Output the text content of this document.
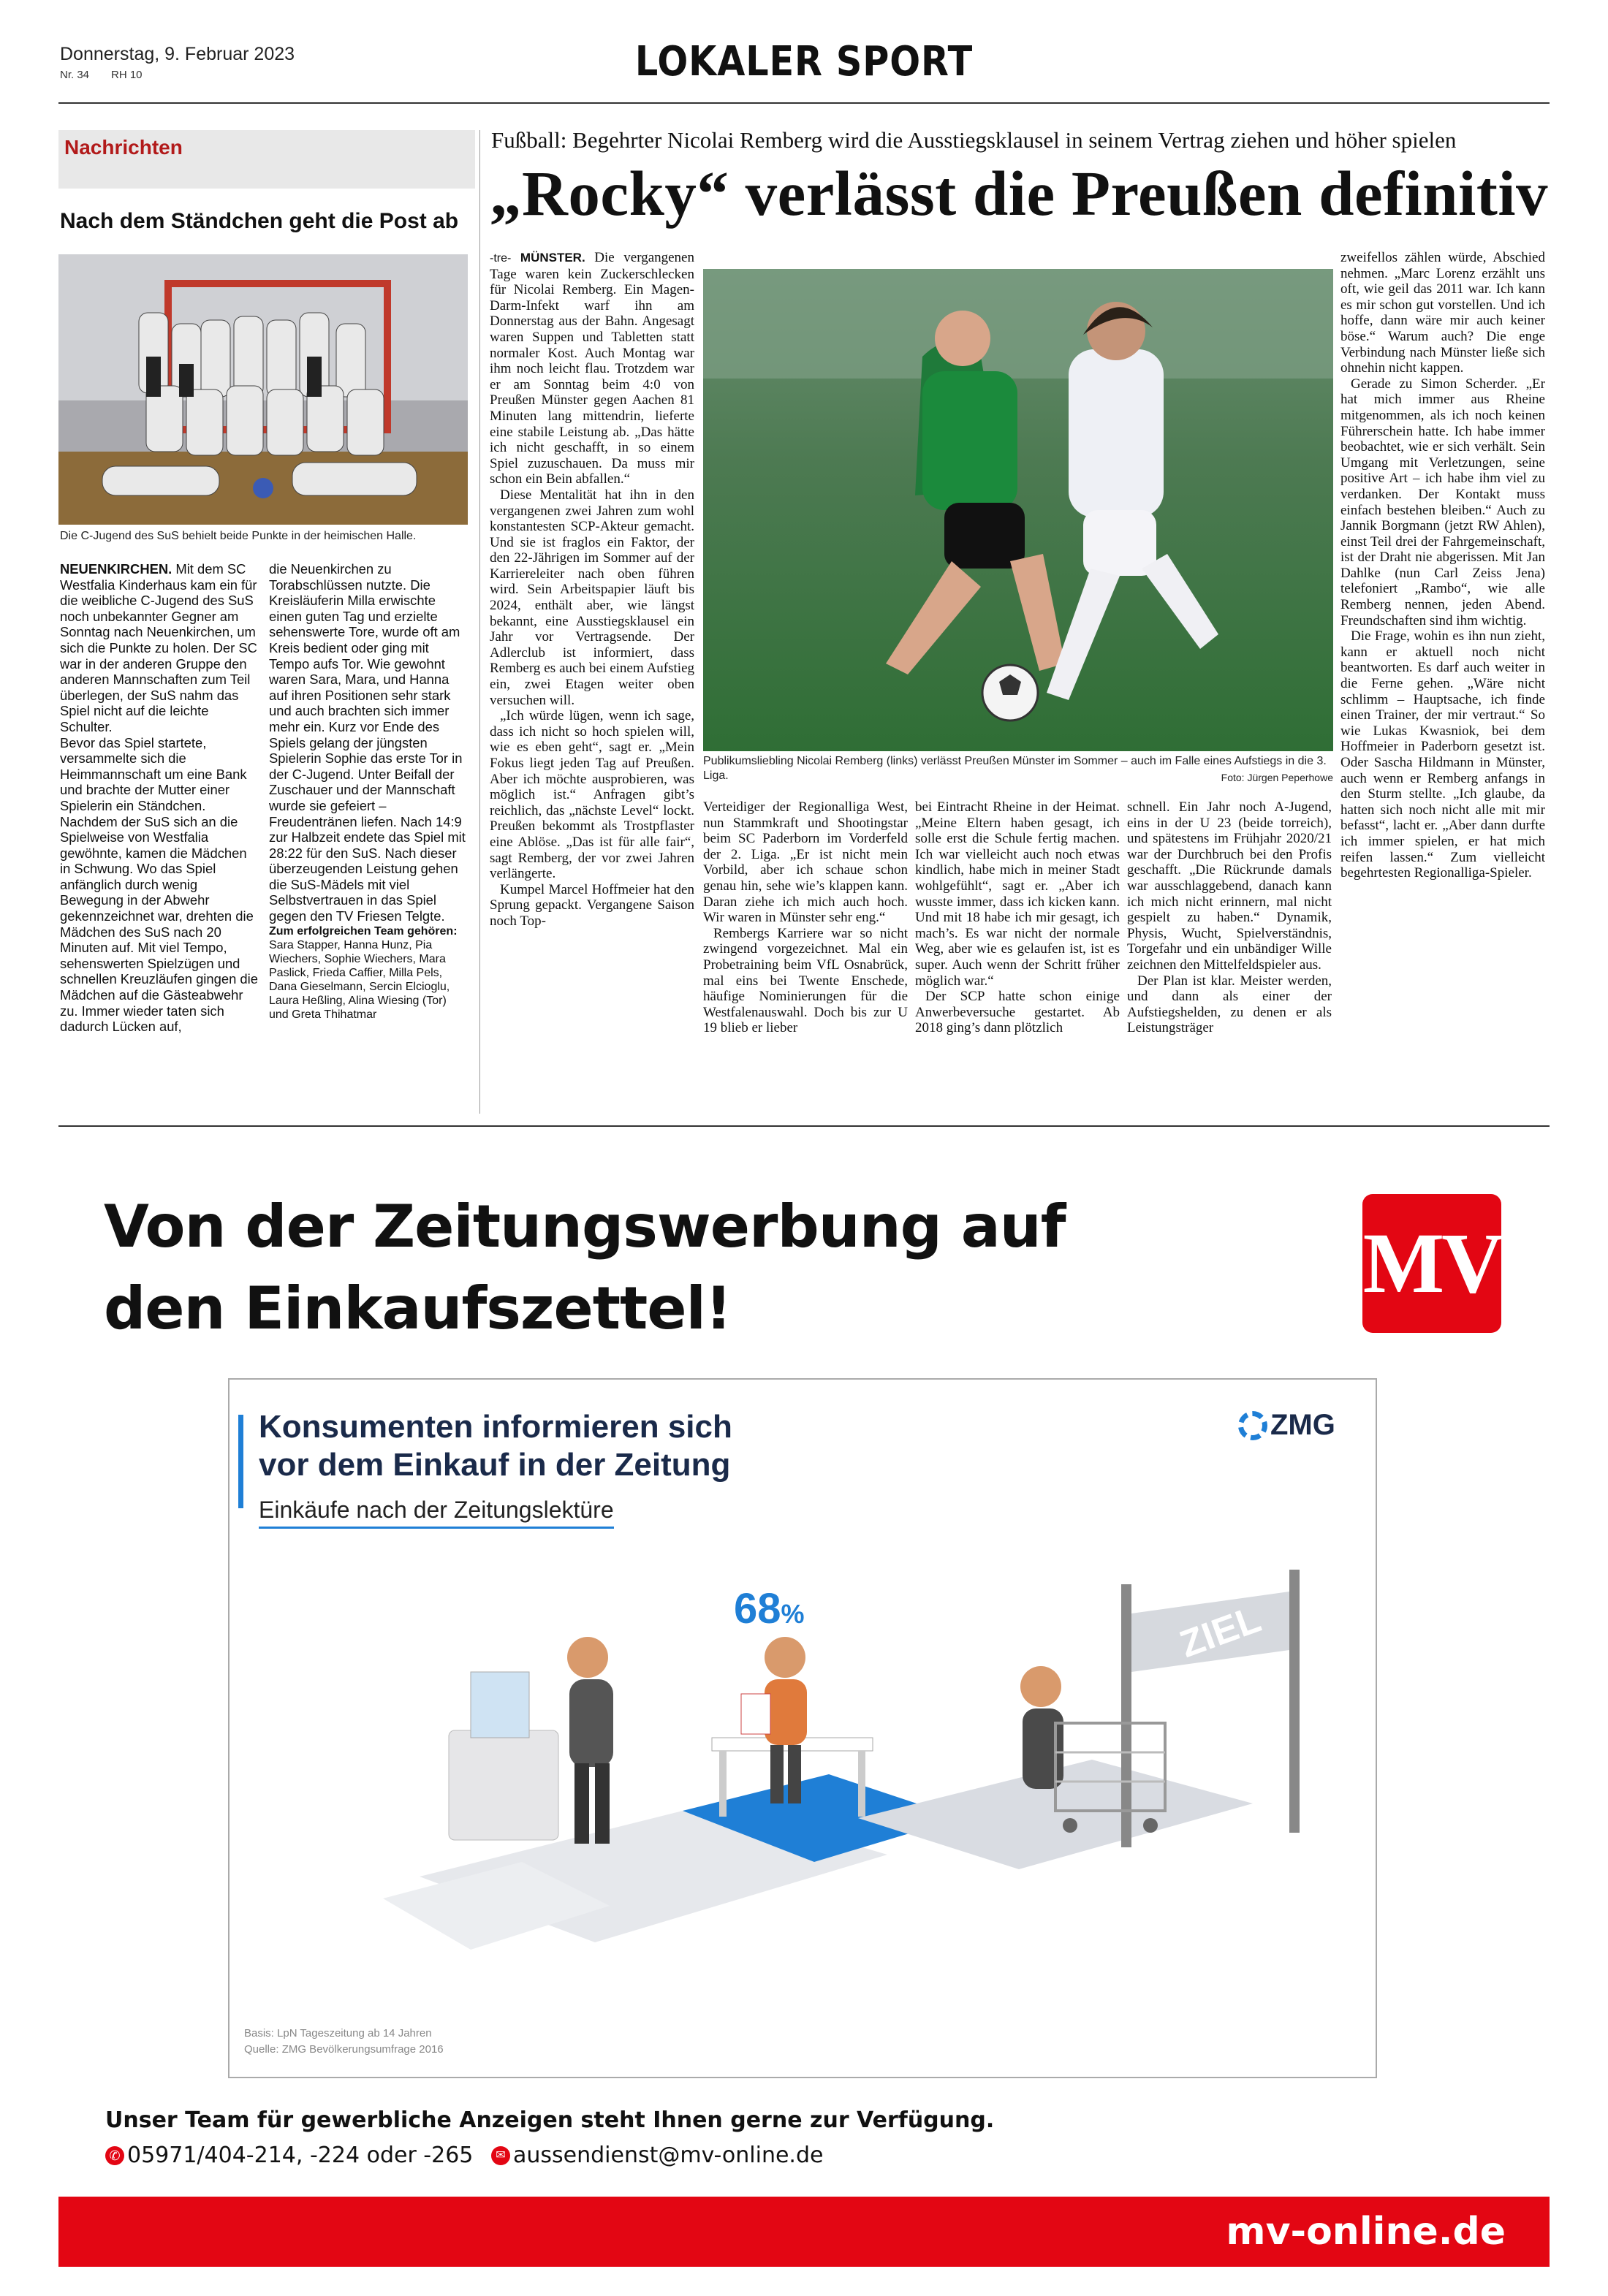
Donnerstag, 9. Februar 2023
Nr. 34 RH 10	LOKALER SPORT
Nachrichten
Nach dem Ständchen geht die Post ab
Die C-Jugend des SuS behielt beide Punkte in der heimischen Halle.

NEUENKIRCHEN. Mit dem SC Westfalia Kinderhaus kam ein für die weibliche C-Jugend des SuS noch unbekannter Gegner am Sonntag nach Neuenkirchen, um sich die Punkte zu holen. Der SC war in der anderen Gruppe den anderen Mannschaften zum Teil überlegen, der SuS nahm das Spiel nicht auf die leichte Schulter.

Bevor das Spiel startete, versammelte sich die Heimmannschaft um eine Bank und brachte der Mutter einer Spielerin ein Ständchen. Nachdem der SuS sich an die Spielweise von Westfalia gewöhnte, kamen die Mädchen in Schwung. Wo das Spiel anfänglich durch wenig Bewegung in der Abwehr gekennzeichnet war, drehten die Mädchen des SuS nach 20 Minuten auf. Mit viel Tempo, sehenswerten Spielzügen und schnellen Kreuzläufen gingen die Mädchen auf die Gästeabwehr zu. Immer wieder taten sich dadurch Lücken auf,

die Neuenkirchen zu Torabschlüssen nutzte. Die Kreisläuferin Milla erwischte einen guten Tag und erzielte sehenswerte Tore, wurde oft am Kreis bedient oder ging mit Tempo aufs Tor. Wie gewohnt waren Sara, Mara, und Hanna auf ihren Positionen sehr stark und auch brachten sich immer mehr ein. Kurz vor Ende des Spiels gelang der jüngsten Spielerin Sophie das erste Tor in der C-Jugend. Unter Beifall der Zuschauer und der Mannschaft wurde sie gefeiert – Freudentränen liefen. Nach 14:9 zur Halbzeit endete das Spiel mit 28:22 für den SuS. Nach dieser überzeugenden Leistung gehen die SuS-Mädels mit viel Selbstvertrauen in das Spiel gegen den TV Friesen Telgte.

Zum erfolgreichen Team gehören: Sara Stapper, Hanna Hunz, Pia Wiechers, Sophie Wiechers, Mara Paslick, Frieda Caffier, Milla Pels, Dana Gieselmann, Sercin Elcioglu, Laura Heßling, Alina Wiesing (Tor) und Greta Thihatmar

Fußball: Begehrter Nicolai Remberg wird die Ausstiegsklausel in seinem Vertrag ziehen und höher spielen
„Rocky“ verlässt die Preußen definitiv

-tre- MÜNSTER. Die vergangenen Tage waren kein Zuckerschlecken für Nicolai Remberg. Ein Magen-Darm-Infekt warf ihn am Donnerstag aus der Bahn. Angesagt waren Suppen und Tabletten statt normaler Kost. Auch Montag war ihm noch leicht flau. Trotzdem war er am Sonntag beim 4:0 von Preußen Münster gegen Aachen 81 Minuten lang mittendrin, lieferte eine stabile Leistung ab. „Das hätte ich nicht geschafft, in so einem Spiel zuzuschauen. Da muss mir schon ein Bein abfallen.“

Diese Mentalität hat ihn in den vergangenen zwei Jahren zum wohl konstantesten SCP-Akteur gemacht. Und sie ist fraglos ein Faktor, der den 22-Jährigen im Sommer auf der Karriereleiter nach oben führen wird. Sein Arbeitspapier läuft bis 2024, enthält aber, wie längst bekannt, eine Ausstiegsklausel ein Jahr vor Vertragsende. Der Adlerclub ist informiert, dass Remberg es auch bei einem Aufstieg ein, zwei Etagen weiter oben versuchen will.

„Ich würde lügen, wenn ich sage, dass ich nicht so hoch spielen will, wie es eben geht“, sagt er. „Mein Fokus liegt jeden Tag auf Preußen. Aber ich möchte ausprobieren, was möglich ist.“ Anfragen gibt’s reichlich, das „nächste Level“ lockt. Preußen bekommt als Trostpflaster eine Ablöse. „Das ist für alle fair“, sagt Remberg, der vor zwei Jahren verlängerte.

Kumpel Marcel Hoffmeier hat den Sprung gepackt. Vergangene Saison noch Top-

Publikumsliebling Nicolai Remberg (links) verlässt Preußen Münster im Sommer – auch im Falle eines Aufstiegs in die 3. Liga.	Foto: Jürgen Peperhowe

Verteidiger der Regionalliga West, nun Stammkraft und Shootingstar beim SC Paderborn im Vorderfeld der 2. Liga. „Er ist nicht mein Vorbild, aber ich schaue schon genau hin, sehe wie’s klappen kann. Daran ziehe ich mich auch hoch. Wir waren in Münster sehr eng.“

Rembergs Karriere war so nicht zwingend vorgezeichnet. Mal ein Probetraining beim VfL Osnabrück, mal eins bei Twente Enschede, häufige Nominierungen für die Westfalenauswahl. Doch bis zur U 19 blieb er lieber

bei Eintracht Rheine in der Heimat. „Meine Eltern haben gesagt, ich solle erst die Schule fertig machen. Ich war vielleicht auch noch etwas kindlich, habe mich in meiner Stadt wohlgefühlt“, sagt er. „Aber ich wusste immer, dass ich kicken kann. Und mit 18 habe ich mir gesagt, ich mach’s. Es war nicht der normale Weg, aber wie es gelaufen ist, ist es super. Auch wenn der Schritt früher möglich war.“

Der SCP hatte schon einige Anwerbeversuche gestartet. Ab 2018 ging’s dann plötzlich

schnell. Ein Jahr noch A-Jugend, eins in der U 23 (beide torreich), und spätestens im Frühjahr 2020/21 war der Durchbruch bei den Profis geschafft. „Die Rückrunde damals war ausschlaggebend, danach kann ich mich nicht erinnern, mal nicht gespielt zu haben.“ Dynamik, Physis, Wucht, Spielverständnis, Torgefahr und ein unbändiger Wille zeichnen den Mittelfeldspieler aus.

Der Plan ist klar. Meister werden, und dann als einer der Aufstiegshelden, zu denen er als Leistungsträger

zweifellos zählen würde, Abschied nehmen. „Marc Lorenz erzählt uns oft, wie geil das 2011 war. Ich kann es mir schon gut vorstellen. Und ich hoffe, dann wäre mir auch keiner böse.“ Warum auch? Die enge Verbindung nach Münster ließe sich ohnehin nicht kappen.

Gerade zu Simon Scherder. „Er hat mich immer aus Rheine mitgenommen, als ich noch keinen Führerschein hatte. Ich habe immer beobachtet, wie er sich verhält. Sein Umgang mit Verletzungen, seine positive Art – ich habe ihm viel zu verdanken. Der Kontakt muss einfach bestehen bleiben.“ Auch zu Jannik Borgmann (jetzt RW Ahlen), einst Teil drei der Fahrgemeinschaft, ist der Draht nie abgerissen. Mit Jan Dahlke (nun Carl Zeiss Jena) telefoniert „Rambo“, wie alle Remberg nennen, jeden Abend. Freundschaften sind ihm wichtig.

Die Frage, wohin es ihn nun zieht, kann er aktuell noch nicht beantworten. Es darf auch weiter in die Ferne gehen. „Wäre nicht schlimm – Hauptsache, ich finde einen Trainer, der mir vertraut.“ So wie Lukas Kwasniok, bei dem Hoffmeier in Paderborn gesetzt ist. Oder Sascha Hildmann in Münster, auch wenn er Remberg anfangs in den Sturm stellte. „Ich glaube, da hatten sich noch nicht alle mit mir befasst“, lacht er. „Aber dann durfte ich immer spielen, er hat mich reifen lassen.“ Zum vielleicht begehrtesten Regionalliga-Spieler.

Von der Zeitungswerbung auf
den Einkaufszettel!	MV
Konsumenten informieren sich
vor dem Einkauf in der Zeitung
Einkäufe nach der Zeitungslektüre
ZMG
ZIEL
68%
Basis: LpN Tageszeitung ab 14 Jahren
Quelle: ZMG Bevölkerungsumfrage 2016
Unser Team für gewerbliche Anzeigen steht Ihnen gerne zur Verfügung.
✆ 05971/404-214, -224 oder -265	✉ aussendienst@mv-online.de
mv-online.de
